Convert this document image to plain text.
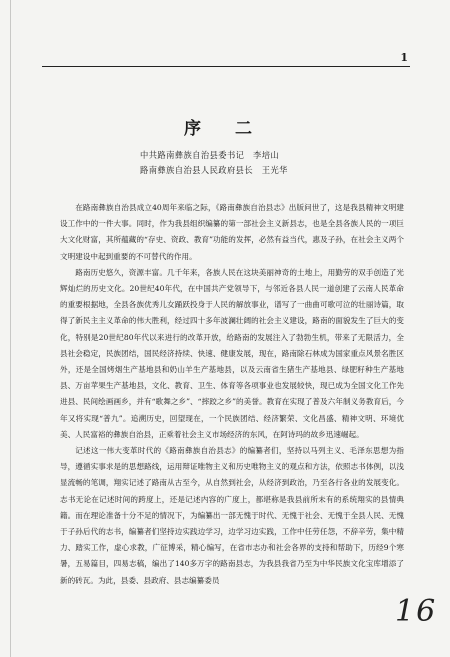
1
序 二
中共路南彝族自治县委书记　李培山
路南彝族自治县人民政府县长　王光华

在路南彝族自治县成立40周年来临之际，《路南彝族自治县志》出版问世了，这是我县精神文明建设工作中的一件大事。同时，作为我县组织编纂的第一部社会主义新县志，也是全县各族人民的一项巨大文化财富，其所蕴藏的“存史、资政、教育”功能的发挥，必然有益当代，惠及子孙，在社会主义两个文明建设中起到重要的不可替代的作用。

路南历史悠久，资源丰富。几千年来，各族人民在这块美丽神奇的土地上，用勤劳的双手创造了光辉灿烂的历史文化。20世纪40年代，在中国共产党领导下，与邻近各县人民一道创建了云南人民革命的重要根据地，全县各族优秀儿女踊跃投身于人民的解放事业，谱写了一曲曲可歌可泣的壮丽诗篇，取得了新民主主义革命的伟大胜利，经过四十多年波澜壮阔的社会主义建设，路南的面貌发生了巨大的变化，特别是20世纪80年代以来进行的改革开放，给路南的发展注入了勃勃生机，带来了无限活力，全县社会稳定，民族团结，国民经济持续、快速、健康发展，现在，路南除石林成为国家重点风景名胜区外，还是全国烤烟生产基地县和奶山羊生产基地县，以及云南省生猪生产基地县、绿肥籽种生产基地县、万亩苹果生产基地县，文化、教育、卫生、体育等各项事业也发展较快，现已成为全国文化工作先进县、民间绘画画乡，并有“歌舞之乡”、“摔跤之乡”的美誉。教育在实现了普及六年制义务教育后，今年又将实现“普九”。追溯历史，回望现在，一个民族团结、经济繁荣、文化昌盛、精神文明、环境优美、人民富裕的彝族自治县，正乘着社会主义市场经济的东风，在阿诗玛的故乡迅速崛起。

记述这一伟大变革时代的《路南彝族自治县志》的编纂者们，坚持以马列主义、毛泽东思想为指导，遵循实事求是的思想路线，运用辩证唯物主义和历史唯物主义的观点和方法，依照志书体例，以浅显流畅的笔调，翔实记述了路南从古至今，从自然到社会，从经济到政治，乃至各行各业的发展变化。志书无论在记述时间的跨度上，还是记述内容的广度上，都堪称是我县前所未有的系统翔实的县情典籍。而在理论准备十分不足的情况下，为编纂出一部无愧于时代、无愧于社会、无愧于全县人民、无愧于子孙后代的志书，编纂者们坚持边实践边学习，边学习边实践，工作中任劳任怨，不辞辛劳，集中精力、踏实工作，虚心求教，广征博采，精心编写，在省市志办和社会各界的支持和帮助下，历经9个寒暑，五易篇目，四易志稿，编出了140多万字的路南县志，为我县我省乃至为中华民族文化宝库增添了新的砖瓦。为此，县委、县政府、县志编纂委员

16
